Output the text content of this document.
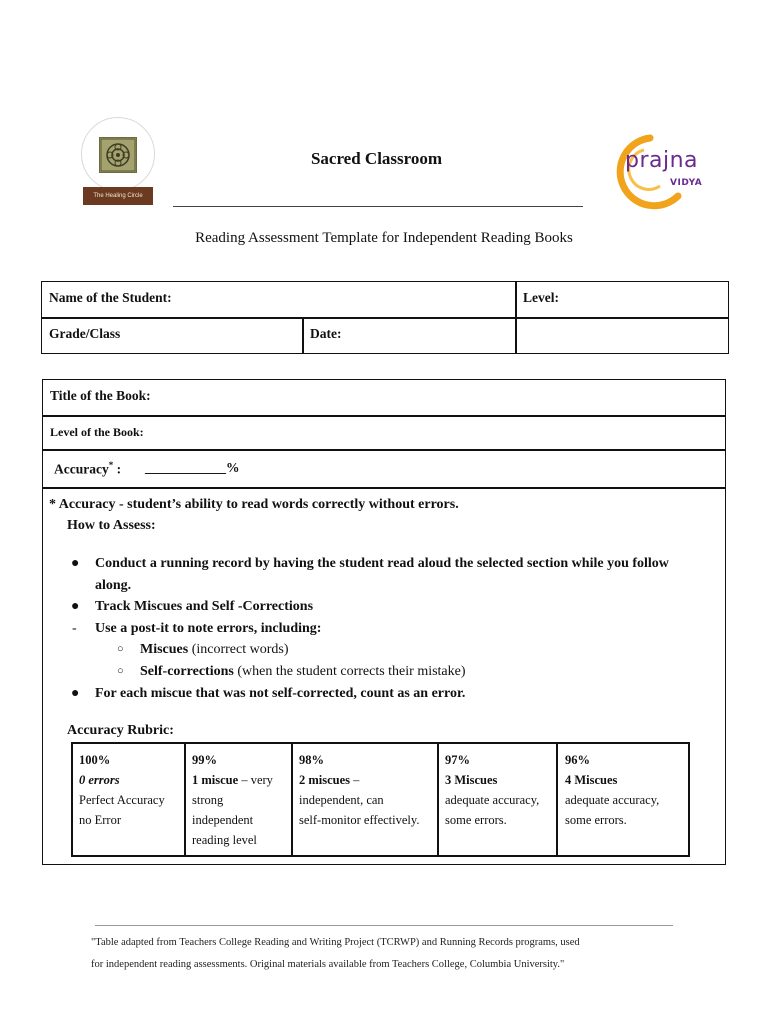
The Healing Circle
prajna
VIDYA
Sacred Classroom
Reading Assessment Template for Independent Reading Books
Name of the Student:	Level:
Grade/Class	Date:
Title of the Book:
Level of the Book:
Accuracy* : ____________%
* Accuracy - student’s ability to read words correctly without errors.
How to Assess:
● Conduct a running record by having the student read aloud the selected section while you follow
along.
● Track Miscues and Self -Corrections
- Use a post-it to note errors, including:
○ Miscues (incorrect words)
○ Self-corrections (when the student corrects their mistake)
● For each miscue that was not self-corrected, count as an error.
Accuracy Rubric:
100%
0 errors
Perfect Accuracy
no Error
99%
1 miscue – very
strong
independent
reading level
98%
2 miscues –
independent, can
self-monitor effectively.
97%
3 Miscues
adequate accuracy,
some errors.
96%
4 Miscues
adequate accuracy,
some errors.
"Table adapted from Teachers College Reading and Writing Project (TCRWP) and Running Records programs, used
for independent reading assessments. Original materials available from Teachers College, Columbia University."
